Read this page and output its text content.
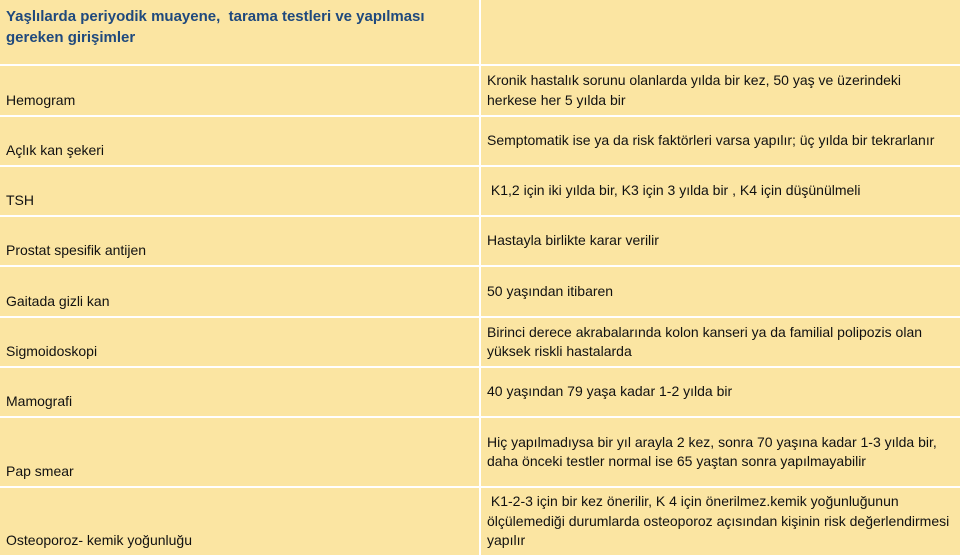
Yaşlılarda periyodik muayene,  tarama testleri ve yapılması gereken girişimler
Hemogram
Kronik hastalık sorunu olanlarda yılda bir kez, 50 yaş ve üzerindeki herkese her 5 yılda bir
Açlık kan şekeri
Semptomatik ise ya da risk faktörleri varsa yapılır; üç yılda bir tekrarlanır
TSH
K1,2 için iki yılda bir, K3 için 3 yılda bir , K4 için düşünülmeli
Prostat spesifik antijen
Hastayla birlikte karar verilir
Gaitada gizli kan
50 yaşından itibaren
Sigmoidoskopi
Birinci derece akrabalarında kolon kanseri ya da familial polipozis olan yüksek riskli hastalarda
Mamografi
40 yaşından 79 yaşa kadar 1-2 yılda bir
Pap smear
Hiç yapılmadıysa bir yıl arayla 2 kez, sonra 70 yaşına kadar 1-3 yılda bir, daha önceki testler normal ise 65 yaştan sonra yapılmayabilir
Osteoporoz- kemik yoğunluğu
K1-2-3 için bir kez önerilir, K 4 için önerilmez.kemik yoğunluğunun ölçülemediği durumlarda osteoporoz açısından kişinin risk değerlendirmesi yapılır
